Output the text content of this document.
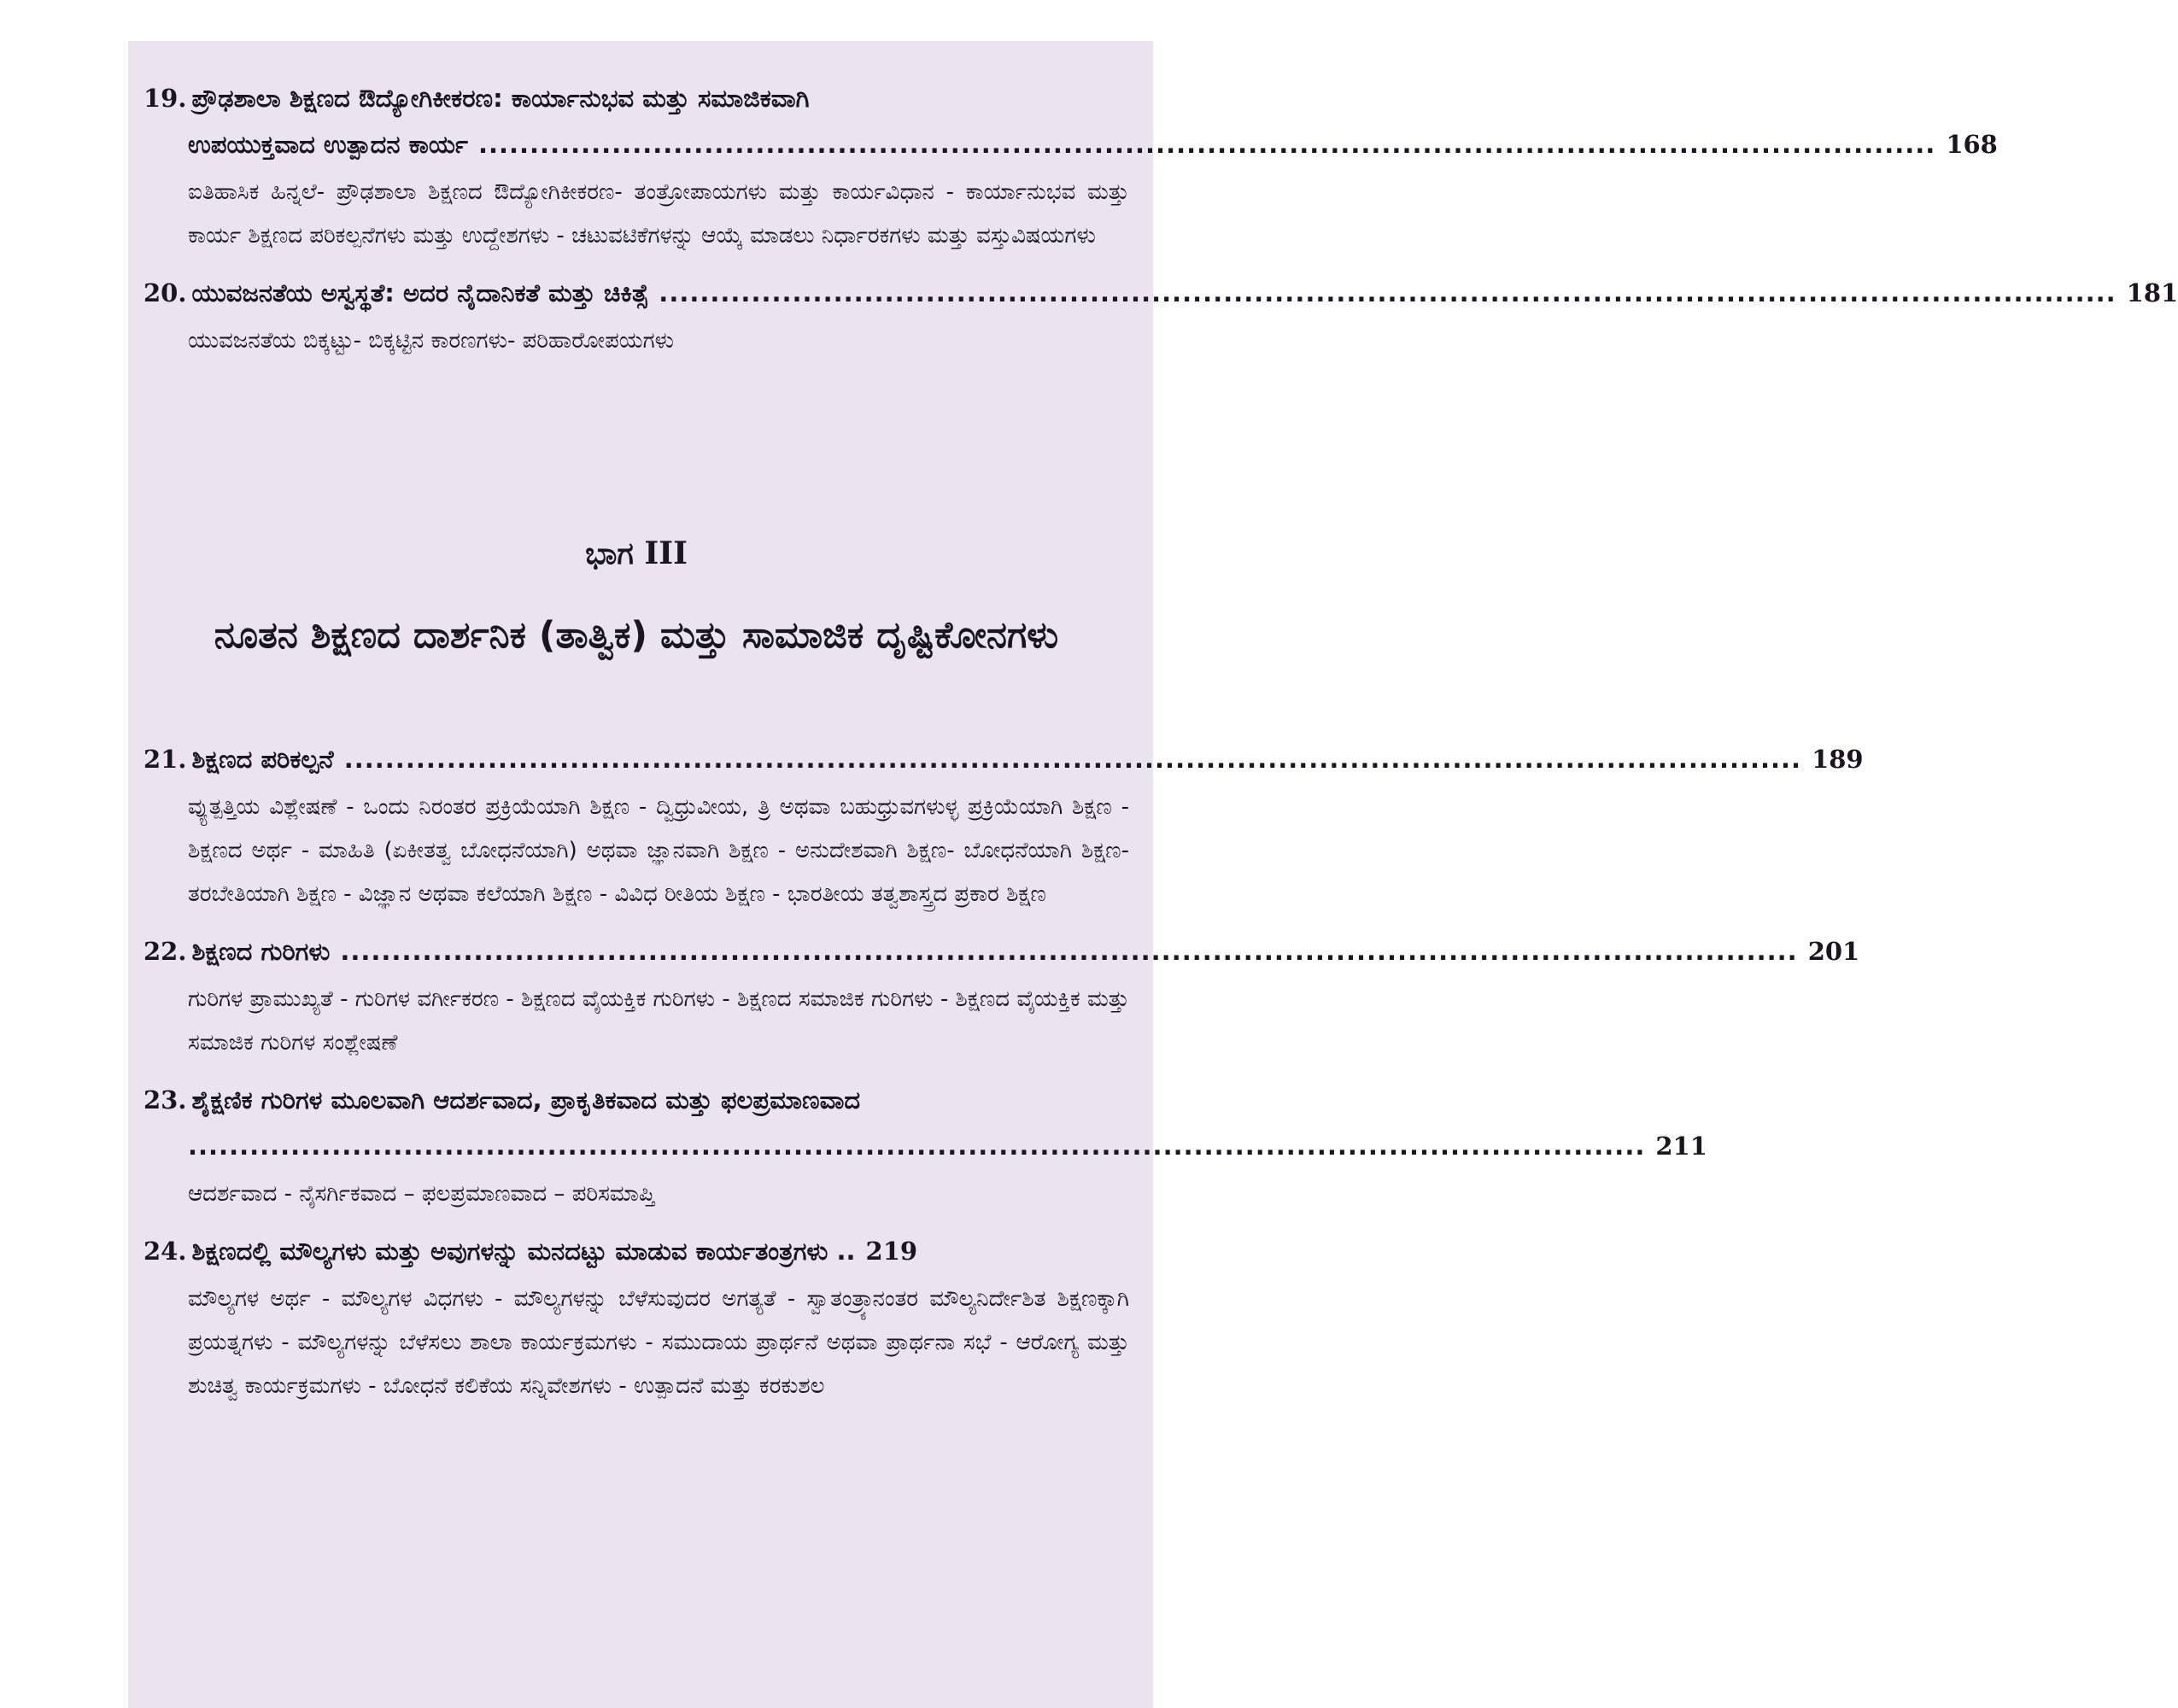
19. ಪ್ರೌಢಶಾಲಾ ಶಿಕ್ಷಣದ ಔದ್ಯೋಗಿಕೀಕರಣ: ಕಾರ್ಯಾನುಭವ ಮತ್ತು ಸಮಾಜಿಕವಾಗಿ
ಉಪಯುಕ್ತವಾದ ಉತ್ಪಾದನ ಕಾರ್ಯ .............................................................................................................................................. 168
ಐತಿಹಾಸಿಕ ಹಿನ್ನಲೆ- ಪ್ರೌಢಶಾಲಾ ಶಿಕ್ಷಣದ ಔದ್ಯೋಗಿಕೀಕರಣ- ತಂತ್ರೋಪಾಯಗಳು ಮತ್ತು ಕಾರ್ಯವಿಧಾನ - ಕಾರ್ಯಾನುಭವ ಮತ್ತು ಕಾರ್ಯ ಶಿಕ್ಷಣದ ಪರಿಕಲ್ಪನೆಗಳು ಮತ್ತು ಉದ್ದೇಶಗಳು - ಚಟುವಟಿಕೆಗಳನ್ನು ಆಯ್ಕೆ ಮಾಡಲು ನಿರ್ಧಾರಕಗಳು ಮತ್ತು ವಸ್ತುವಿಷಯಗಳು
20. ಯುವಜನತೆಯ ಅಸ್ವಸ್ಥತೆ: ಅದರ ನೈದಾನಿಕತೆ ಮತ್ತು ಚಿಕಿತ್ಸೆ .............................................................................................................................................. 181
ಯುವಜನತೆಯ ಬಿಕ್ಕಟ್ಟು- ಬಿಕ್ಕಟ್ಟಿನ ಕಾರಣಗಳು- ಪರಿಹಾರೋಪಯಗಳು
ಭಾಗ III
ನೂತನ ಶಿಕ್ಷಣದ ದಾರ್ಶನಿಕ (ತಾತ್ವಿಕ) ಮತ್ತು ಸಾಮಾಜಿಕ ದೃಷ್ಟಿಕೋನಗಳು
21. ಶಿಕ್ಷಣದ ಪರಿಕಲ್ಪನೆ .............................................................................................................................................. 189
ವ್ಯುತ್ಪತ್ತಿಯ ವಿಶ್ಲೇಷಣೆ - ಒಂದು ನಿರಂತರ ಪ್ರಕ್ರಿಯೆಯಾಗಿ ಶಿಕ್ಷಣ - ದ್ವಿಧ್ರುವೀಯ, ತ್ರಿ ಅಥವಾ ಬಹುಧ್ರುವಗಳುಳ್ಳ ಪ್ರಕ್ರಿಯೆಯಾಗಿ ಶಿಕ್ಷಣ - ಶಿಕ್ಷಣದ ಅರ್ಥ - ಮಾಹಿತಿ (ಏಕೀತತ್ವ ಬೋಧನೆಯಾಗಿ) ಅಥವಾ ಜ್ಞಾನವಾಗಿ ಶಿಕ್ಷಣ - ಅನುದೇಶವಾಗಿ ಶಿಕ್ಷಣ- ಬೋಧನೆಯಾಗಿ ಶಿಕ್ಷಣ- ತರಬೇತಿಯಾಗಿ ಶಿಕ್ಷಣ - ವಿಜ್ಞಾನ ಅಥವಾ ಕಲೆಯಾಗಿ ಶಿಕ್ಷಣ - ವಿವಿಧ ರೀತಿಯ ಶಿಕ್ಷಣ - ಭಾರತೀಯ ತತ್ವಶಾಸ್ತ್ರದ ಪ್ರಕಾರ ಶಿಕ್ಷಣ
22. ಶಿಕ್ಷಣದ ಗುರಿಗಳು .............................................................................................................................................. 201
ಗುರಿಗಳ ಪ್ರಾಮುಖ್ಯತೆ - ಗುರಿಗಳ ವರ್ಗೀಕರಣ - ಶಿಕ್ಷಣದ ವೈಯಕ್ತಿಕ ಗುರಿಗಳು - ಶಿಕ್ಷಣದ ಸಮಾಜಿಕ ಗುರಿಗಳು - ಶಿಕ್ಷಣದ ವೈಯಕ್ತಿಕ ಮತ್ತು ಸಮಾಜಿಕ ಗುರಿಗಳ ಸಂಶ್ಲೇಷಣೆ
23. ಶೈಕ್ಷಣಿಕ ಗುರಿಗಳ ಮೂಲವಾಗಿ ಆದರ್ಶವಾದ, ಪ್ರಾಕೃತಿಕವಾದ ಮತ್ತು ಫಲಪ್ರಮಾಣವಾದ
.............................................................................................................................................. 211
ಆದರ್ಶವಾದ - ನೈಸರ್ಗಿಕವಾದ – ಫಲಪ್ರಮಾಣವಾದ – ಪರಿಸಮಾಪ್ತಿ
24. ಶಿಕ್ಷಣದಲ್ಲಿ ಮೌಲ್ಯಗಳು ಮತ್ತು ಅವುಗಳನ್ನು ಮನದಟ್ಟು ಮಾಡುವ ಕಾರ್ಯತಂತ್ರಗಳು .. 219
ಮೌಲ್ಯಗಳ ಅರ್ಥ - ಮೌಲ್ಯಗಳ ವಿಧಗಳು - ಮೌಲ್ಯಗಳನ್ನು ಬೆಳೆಸುವುದರ ಅಗತ್ಯತೆ - ಸ್ವಾತಂತ್ರ್ಯಾನಂತರ ಮೌಲ್ಯನಿರ್ದೇಶಿತ ಶಿಕ್ಷಣಕ್ಕಾಗಿ ಪ್ರಯತ್ನಗಳು - ಮೌಲ್ಯಗಳನ್ನು ಬೆಳೆಸಲು ಶಾಲಾ ಕಾರ್ಯಕ್ರಮಗಳು - ಸಮುದಾಯ ಪ್ರಾರ್ಥನೆ ಅಥವಾ ಪ್ರಾರ್ಥನಾ ಸಭೆ - ಆರೋಗ್ಯ ಮತ್ತು ಶುಚಿತ್ವ ಕಾರ್ಯಕ್ರಮಗಳು - ಬೋಧನೆ ಕಲಿಕೆಯ ಸನ್ನಿವೇಶಗಳು - ಉತ್ಪಾದನೆ ಮತ್ತು ಕರಕುಶಲ
